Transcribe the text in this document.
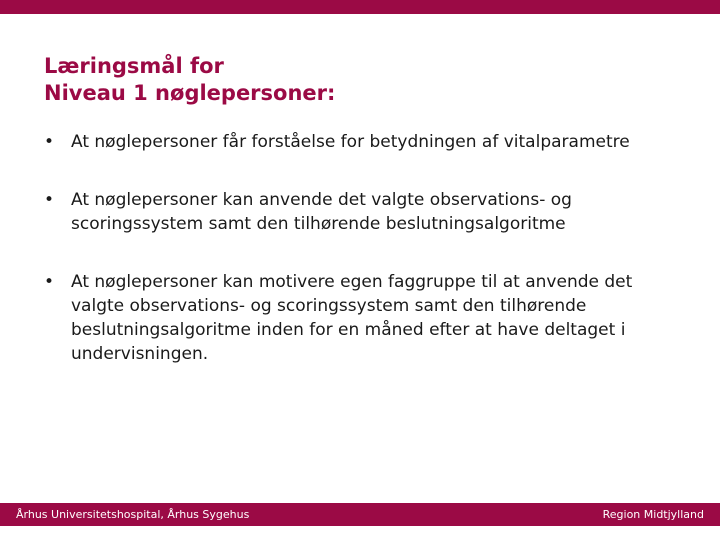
Læringsmål for
Niveau 1 nøglepersoner:
• At nøglepersoner får forståelse for betydningen af vitalparametre
• At nøglepersoner kan anvende det valgte observations- og scoringssystem samt den tilhørende beslutningsalgoritme
• At nøglepersoner kan motivere egen faggruppe til at anvende det valgte observations- og scoringssystem samt den tilhørende beslutningsalgoritme inden for en måned efter at have deltaget i undervisningen.
Århus Universitetshospital, Århus Sygehus	Region Midtjylland
